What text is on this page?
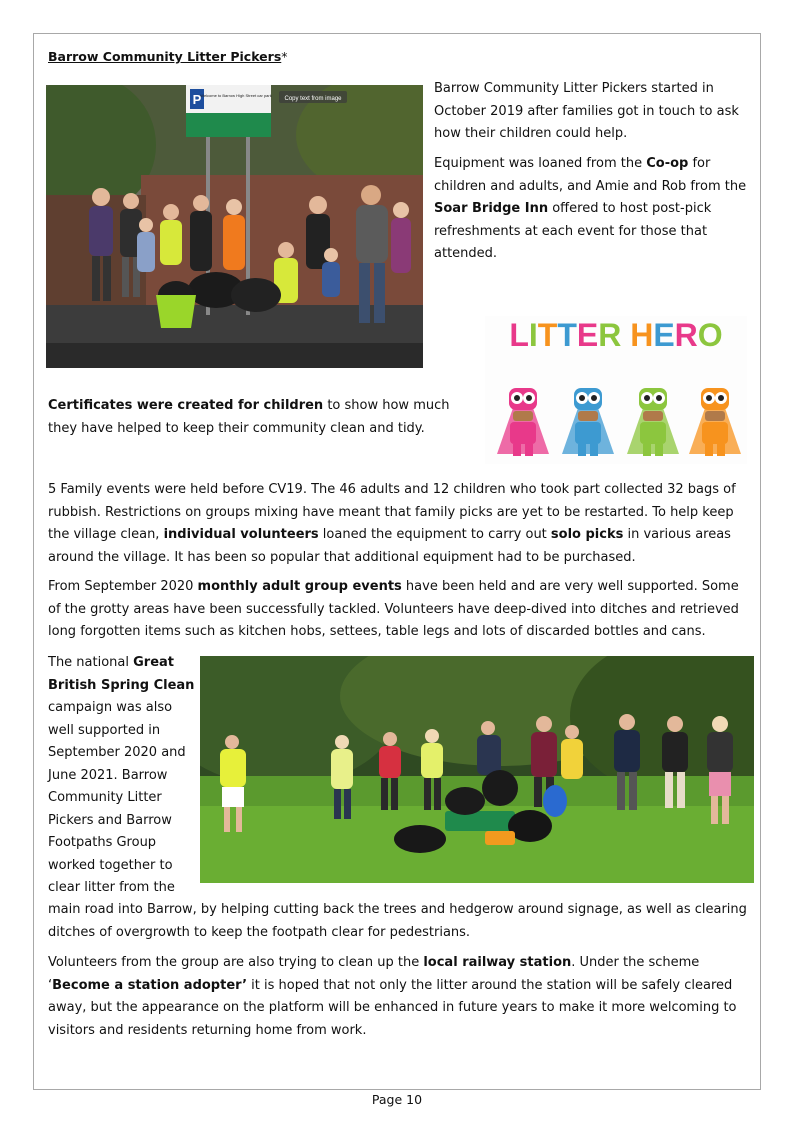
Barrow Community Litter Pickers*
P
Welcome to Barrow High Street car park
Copy text from image
Barrow Community Litter Pickers started in October 2019 after families got in touch to ask how their children could help.
Equipment was loaned from the Co-op for children and adults, and Amie and Rob from the Soar Bridge Inn offered to host post-pick refreshments at each event for those that attended.
LITTER HERO
Certificates were created for children to show how much they have helped to keep their community clean and tidy.
5 Family events were held before CV19. The 46 adults and 12 children who took part collected 32 bags of rubbish. Restrictions on groups mixing have meant that family picks are yet to be restarted. To help keep the village clean, individual volunteers loaned the equipment to carry out solo picks in various areas around the village. It has been so popular that additional equipment had to be purchased.
From September 2020 monthly adult group events have been held and are very well supported. Some of the grotty areas have been successfully tackled. Volunteers have deep-dived into ditches and retrieved long forgotten items such as kitchen hobs, settees, table legs and lots of discarded bottles and cans.
The national Great
British Spring Clean
campaign was also
well supported in
September 2020 and
June 2021. Barrow
Community Litter
Pickers and Barrow
Footpaths Group
worked together to
clear litter from the
main road into Barrow, by helping cutting back the trees and hedgerow around signage, as well as clearing ditches of overgrowth to keep the footpath clear for pedestrians.
Volunteers from the group are also trying to clean up the local railway station. Under the scheme ‘Become a station adopter’ it is hoped that not only the litter around the station will be safely cleared away, but the appearance on the platform will be enhanced in future years to make it more welcoming to visitors and residents returning home from work.
Page 10
